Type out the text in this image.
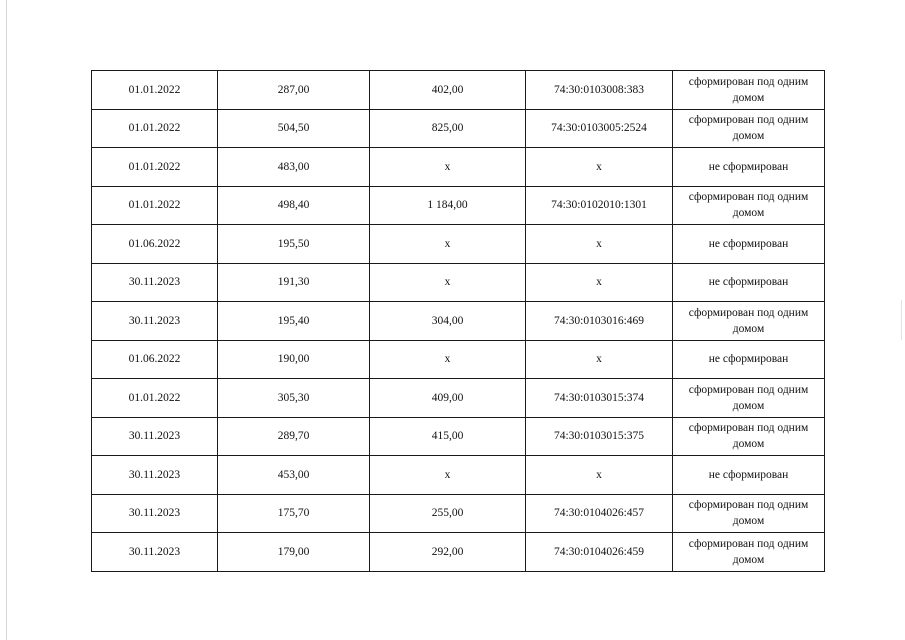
01.01.2022	287,00	402,00	74:30:0103008:383	сформирован под одним домом
01.01.2022	504,50	825,00	74:30:0103005:2524	сформирован под одним домом
01.01.2022	483,00	x	x	не сформирован
01.01.2022	498,40	1 184,00	74:30:0102010:1301	сформирован под одним домом
01.06.2022	195,50	x	x	не сформирован
30.11.2023	191,30	x	x	не сформирован
30.11.2023	195,40	304,00	74:30:0103016:469	сформирован под одним домом
01.06.2022	190,00	x	x	не сформирован
01.01.2022	305,30	409,00	74:30:0103015:374	сформирован под одним домом
30.11.2023	289,70	415,00	74:30:0103015:375	сформирован под одним домом
30.11.2023	453,00	x	x	не сформирован
30.11.2023	175,70	255,00	74:30:0104026:457	сформирован под одним домом
30.11.2023	179,00	292,00	74:30:0104026:459	сформирован под одним домом
